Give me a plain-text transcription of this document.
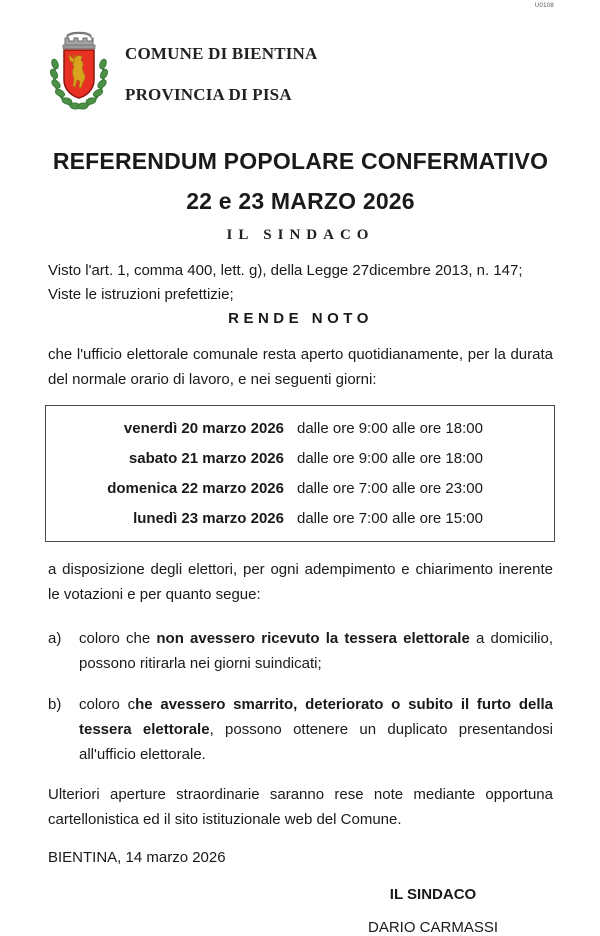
U0108
COMUNE DI BIENTINA
PROVINCIA DI PISA
REFERENDUM POPOLARE CONFERMATIVO
22 e 23 MARZO 2026
IL SINDACO
Visto l'art. 1, comma 400, lett. g), della Legge 27dicembre 2013, n. 147;
Viste le istruzioni prefettizie;
RENDE NOTO

che l'ufficio elettorale comunale resta aperto quotidianamente, per la durata del normale orario di lavoro, e nei seguenti giorni:

venerdì 20 marzo 2026 dalle ore 9:00 alle ore 18:00
sabato 21 marzo 2026 dalle ore 9:00 alle ore 18:00
domenica 22 marzo 2026 dalle ore 7:00 alle ore 23:00
lunedì 23 marzo 2026 dalle ore 7:00 alle ore 15:00

a disposizione degli elettori, per ogni adempimento e chiarimento inerente le votazioni e per quanto segue:

a)	coloro che non avessero ricevuto la tessera elettorale a domicilio, possono ritirarla nei giorni suindicati;
b)	coloro che avessero smarrito, deteriorato o subito il furto della tessera elettorale, possono ottenere un duplicato presentandosi all'ufficio elettorale.

Ulteriori aperture straordinarie saranno rese note mediante opportuna cartellonistica ed il sito istituzionale web del Comune.

BIENTINA, 14 marzo 2026
IL SINDACO
DARIO CARMASSI
